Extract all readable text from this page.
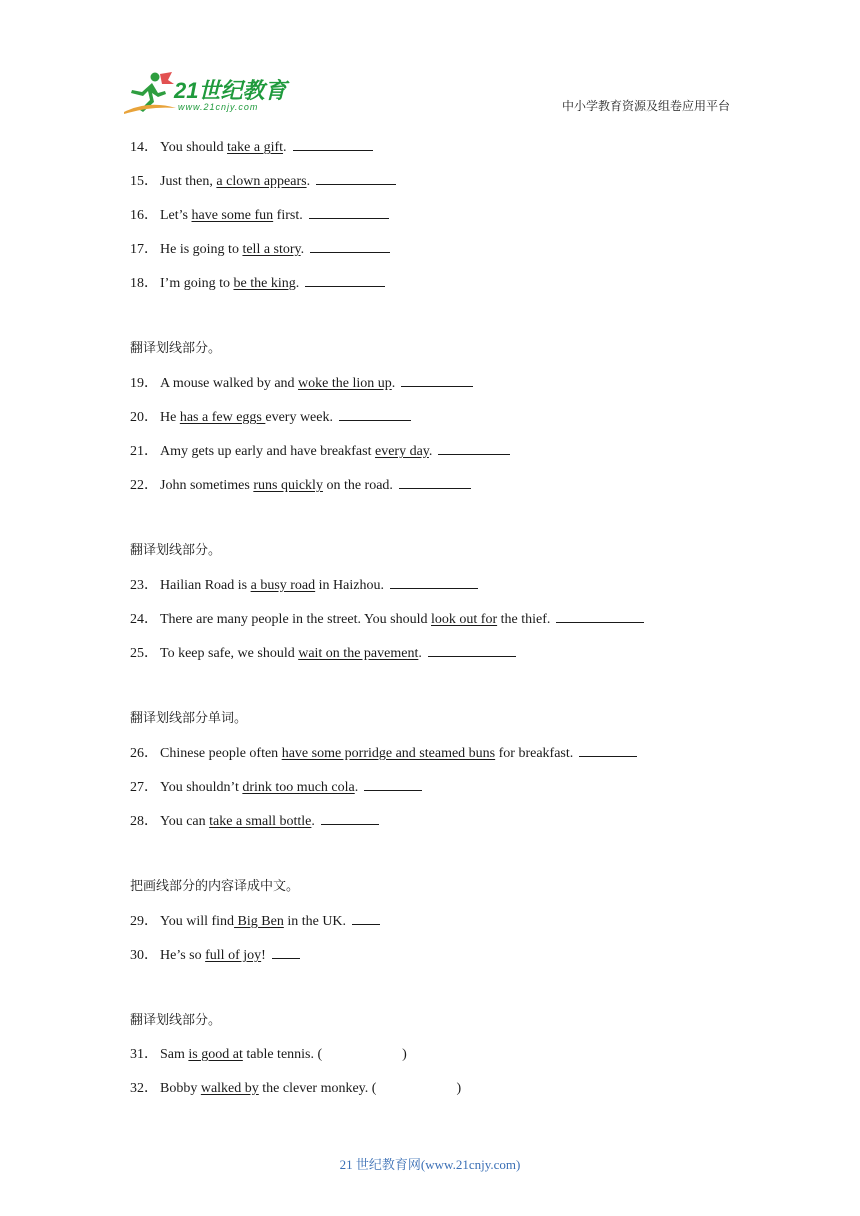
21世纪教育
www.21cnjy.com	中小学教育资源及组卷应用平台
14． You should take a gift.
15． Just then, a clown appears.
16． Let’s have some fun first.
17． He is going to tell a story.
18． I’m going to be the king.
翻译划线部分。
19． A mouse walked by and woke the lion up.
20． He has a few eggs every week.
21． Amy gets up early and have breakfast every day.
22． John sometimes runs quickly on the road.
翻译划线部分。
23． Hailian Road is a busy road in Haizhou.
24． There are many people in the street. You should look out for the thief.
25． To keep safe, we should wait on the pavement.
翻译划线部分单词。
26． Chinese people often have some porridge and steamed buns for breakfast.
27． You shouldn’t drink too much cola.
28． You can take a small bottle.
把画线部分的内容译成中文。
29． You will find Big Ben in the UK.
30． He’s so full of joy!
翻译划线部分。
31． Sam is good at table tennis. (	)
32． Bobby walked by the clever monkey. (	)
21 世纪教育网(www.21cnjy.com)
